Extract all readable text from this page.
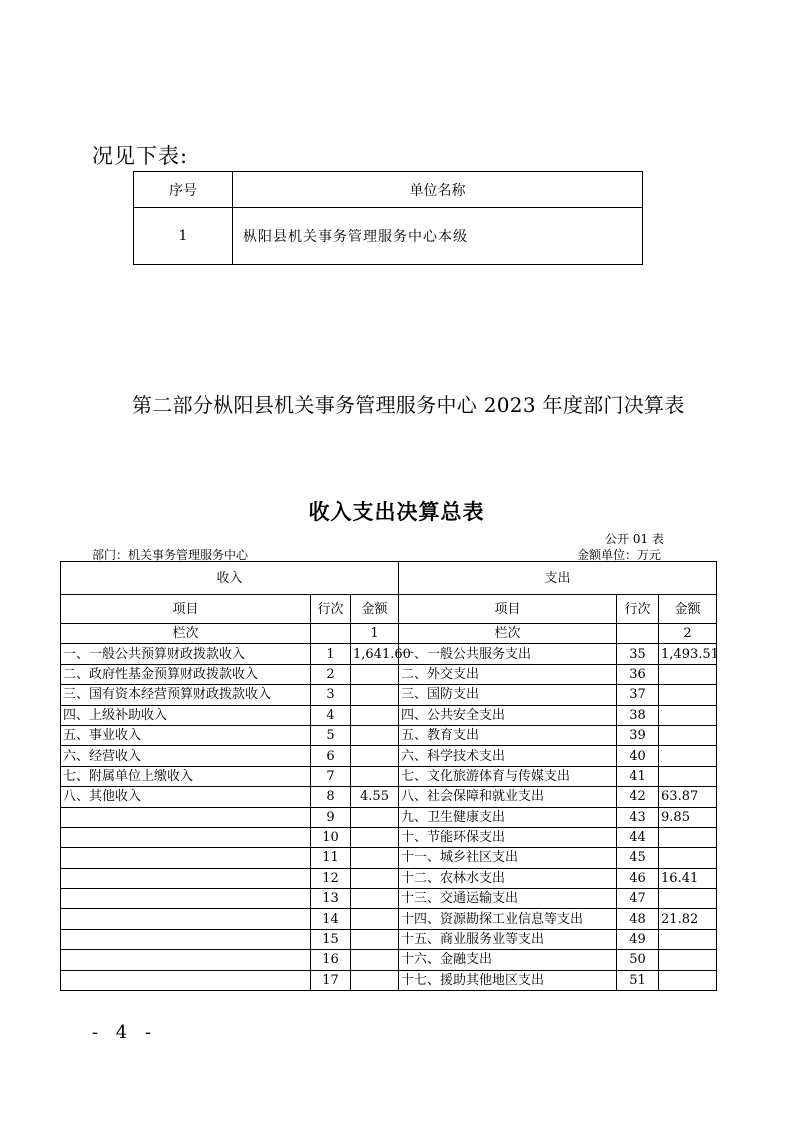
况见下表:
序号	单位名称
1	枞阳县机关事务管理服务中心本级
第二部分枞阳县机关事务管理服务中心 2023 年度部门决算表
收入支出决算总表
公开 01 表
部门：机关事务管理服务中心	金额单位：万元
收入			支出		
项目	行次	金额	项目	行次	金额
栏次		1	栏次		2
一、一般公共预算财政拨款收入	1	1,641.60	一、一般公共服务支出	35	1,493.51
二、政府性基金预算财政拨款收入	2		二、外交支出	36	
三、国有资本经营预算财政拨款收入	3		三、国防支出	37	
四、上级补助收入	4		四、公共安全支出	38	
五、事业收入	5		五、教育支出	39	
六、经营收入	6		六、科学技术支出	40	
七、附属单位上缴收入	7		七、文化旅游体育与传媒支出	41	
八、其他收入	8	4.55	八、社会保障和就业支出	42	63.87
	9		九、卫生健康支出	43	9.85
	10		十、节能环保支出	44	
	11		十一、城乡社区支出	45	
	12		十二、农林水支出	46	16.41
	13		十三、交通运输支出	47	
	14		十四、资源勘探工业信息等支出	48	21.82
	15		十五、商业服务业等支出	49	
	16		十六、金融支出	50	
	17		十七、援助其他地区支出	51	
- 4 -
